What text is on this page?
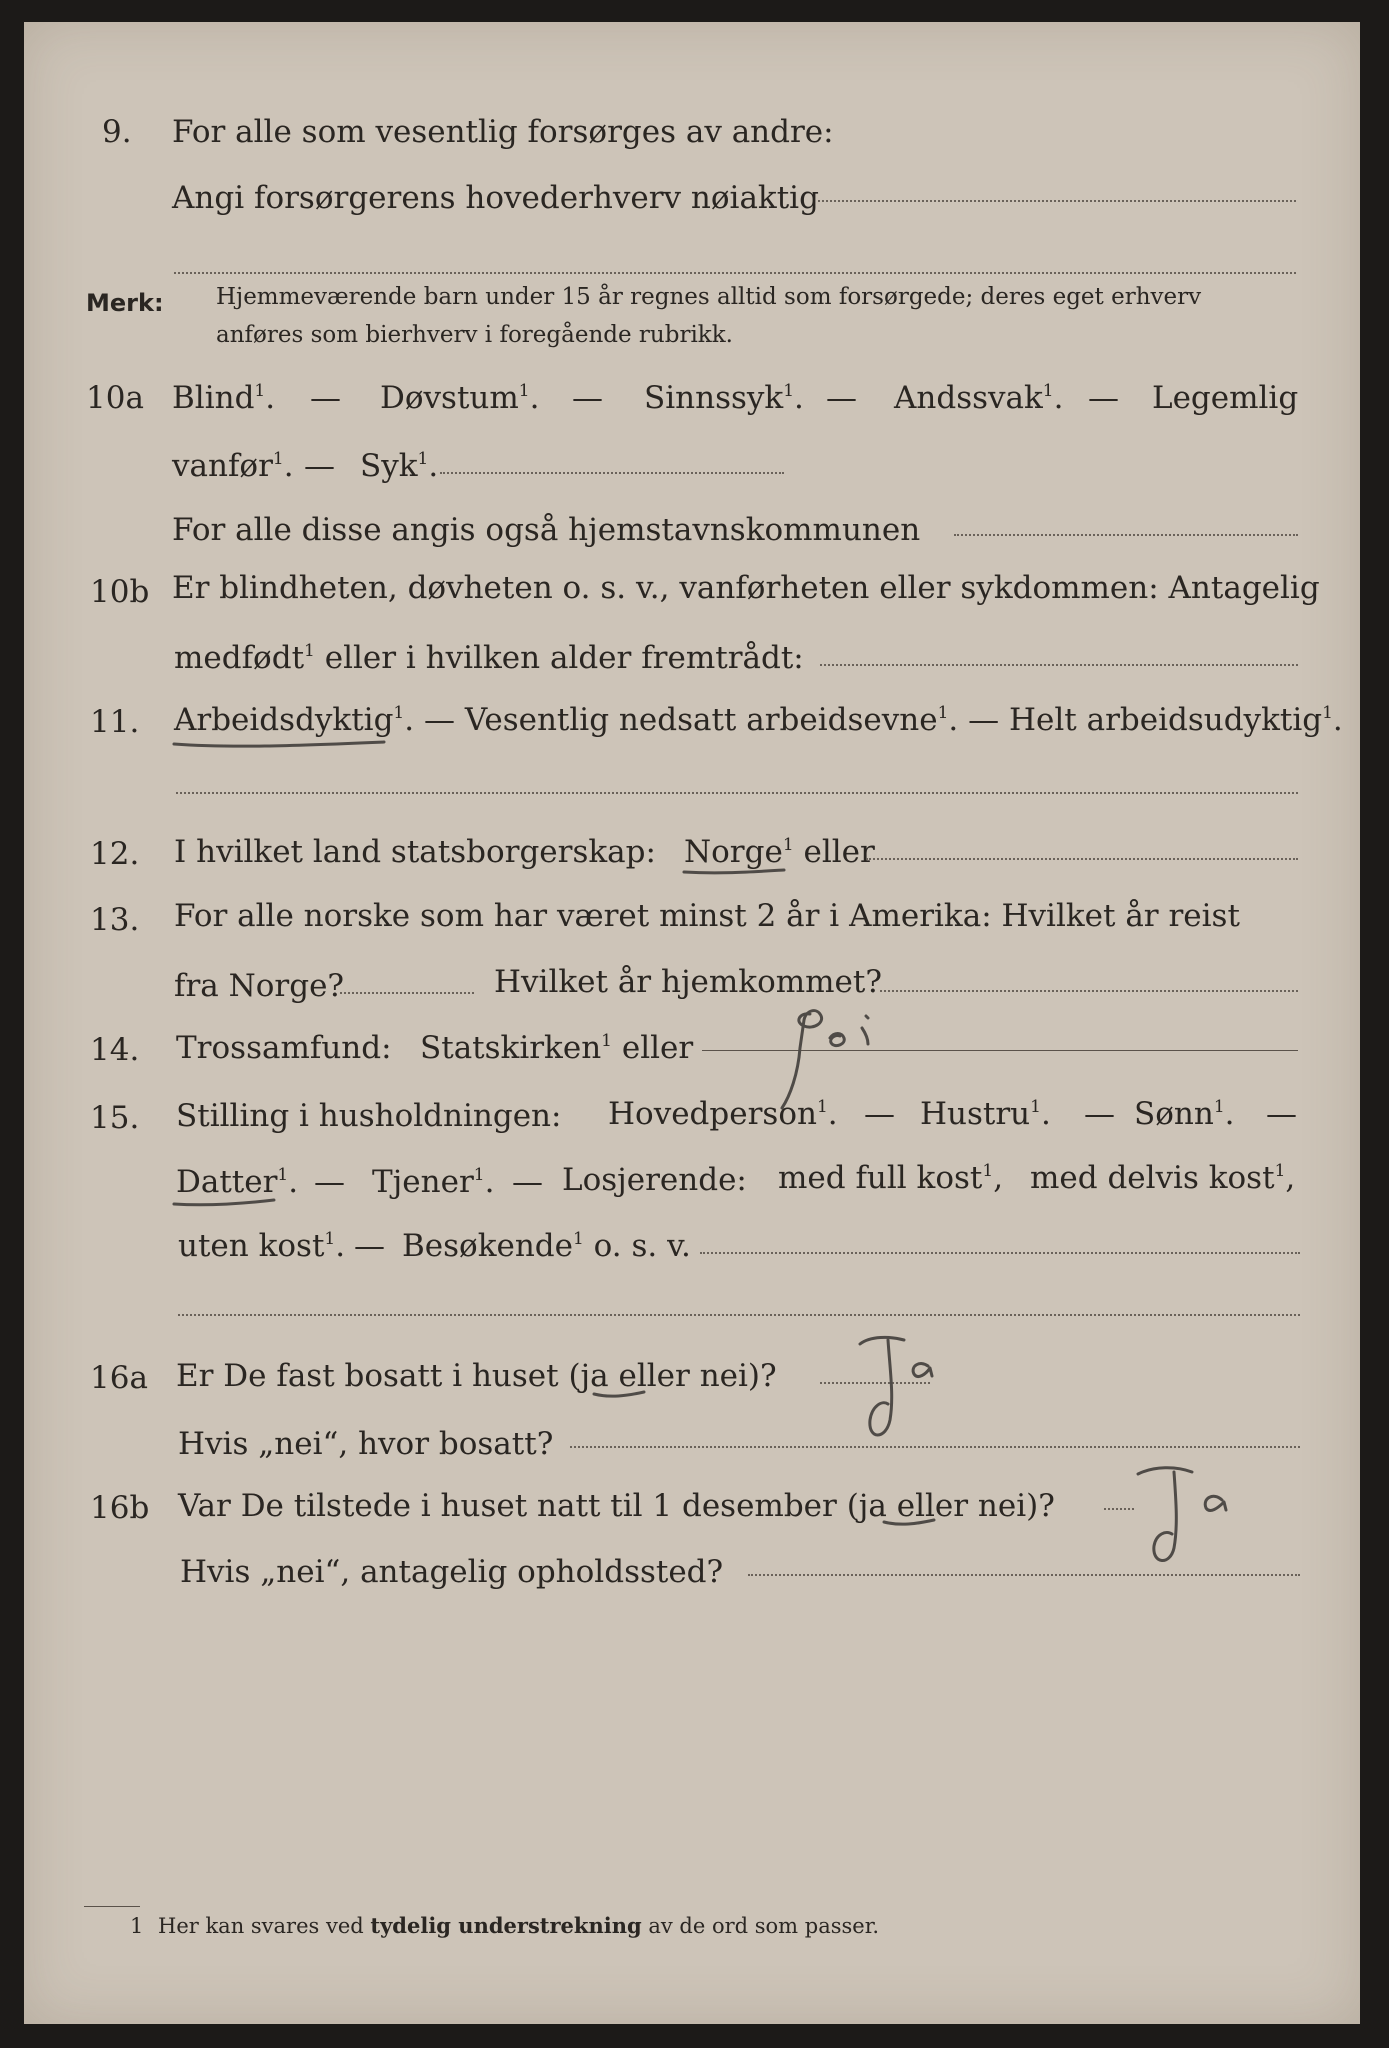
9. For alle som vesentlig forsørges av andre:
Angi forsørgerens hovederhverv nøiaktig
Merk: Hjemmeværende barn under 15 år regnes alltid som forsørgede; deres eget erhverv
anføres som bierhverv i foregående rubrikk.
10a Blind$^1$. — Døvstum$^1$. — Sinnssyk$^1$. — Andssvak$^1$. — Legemlig
vanfør$^1$. — Syk$^1$.
For alle disse angis også hjemstavnskommunen
10b Er blindheten, døvheten o. s. v., vanførheten eller sykdommen: Antagelig
medfødt$^1$ eller i hvilken alder fremtrådt:
11. Arbeidsdyktig$^1$. — Vesentlig nedsatt arbeidsevne$^1$. — Helt arbeidsudyktig$^1$.
12. I hvilket land statsborgerskap: Norge$^1$ eller
13. For alle norske som har været minst 2 år i Amerika: Hvilket år reist
fra Norge?	Hvilket år hjemkommet?
14. Trossamfund: Statskirken$^1$ eller
15. Stilling i husholdningen: Hovedperson$^1$. — Hustru$^1$. — Sønn$^1$. —
Datter$^1$. — Tjener$^1$. — Losjerende: med full kost$^1$, med delvis kost$^1$,
uten kost$^1$. — Besøkende$^1$ o. s. v.
16a Er De fast bosatt i huset (ja eller nei)?
Hvis „nei“, hvor bosatt?
16b Var De tilstede i huset natt til 1 desember (ja eller nei)?
Hvis „nei“, antagelig opholdssted?
1 Her kan svares ved tydelig understrekning av de ord som passer.
